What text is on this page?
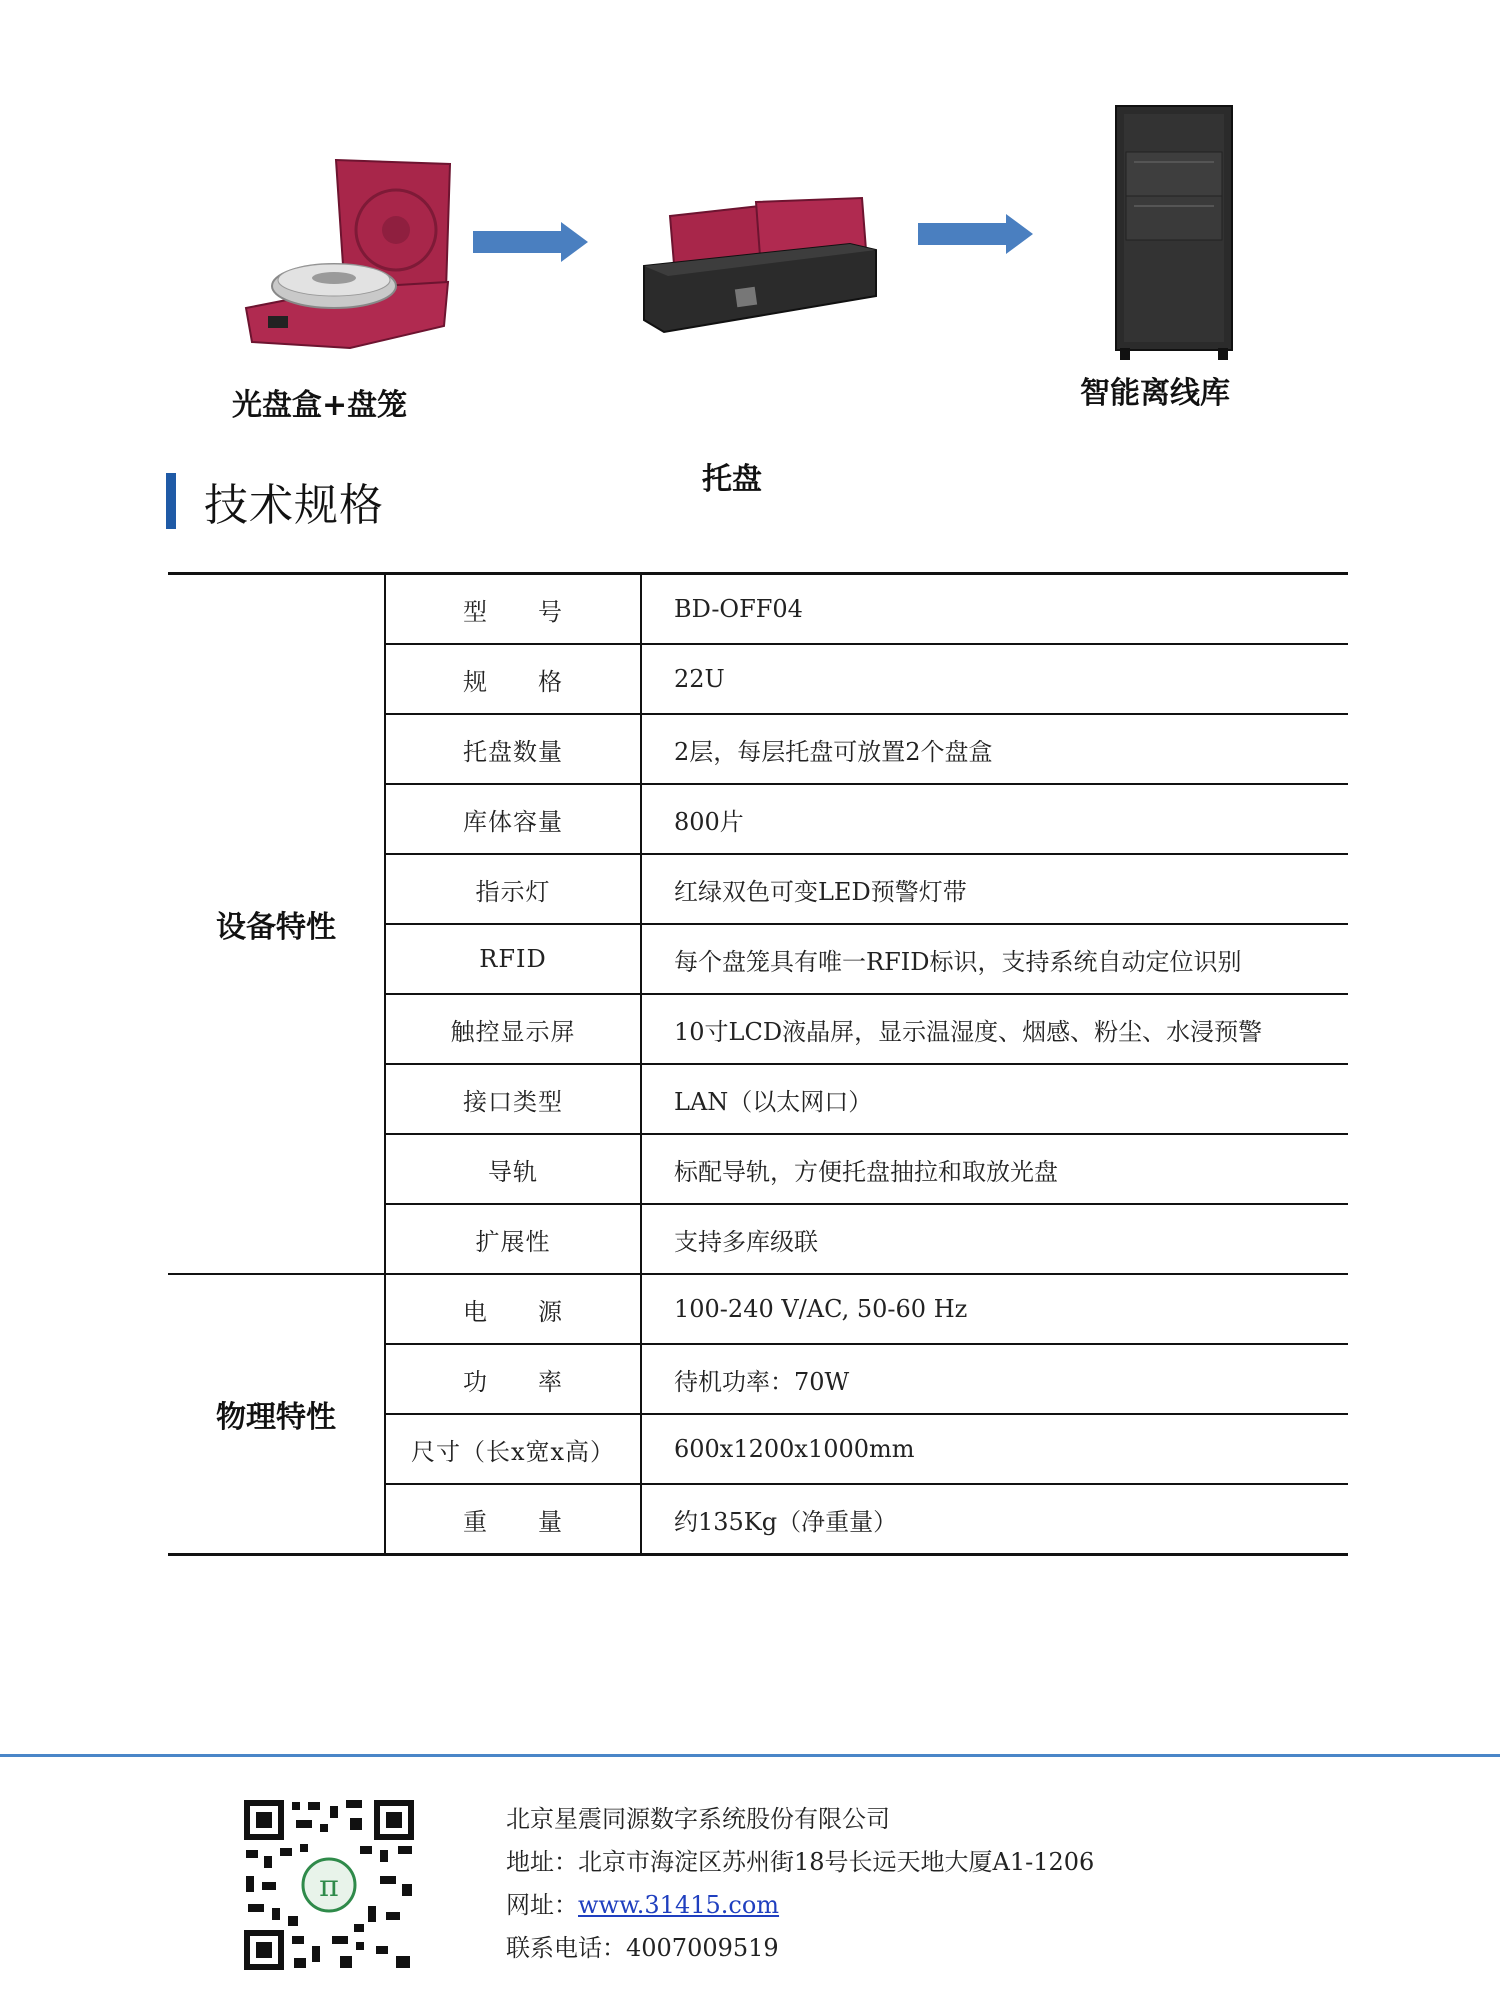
光盘盒+盘笼
托盘
智能离线库
技术规格
设备特性	型　　号	BD-OFF04
	规　　格	22U
	托盘数量	2层，每层托盘可放置2个盘盒
	库体容量	800片
	指示灯	红绿双色可变LED预警灯带
	RFID	每个盘笼具有唯一RFID标识，支持系统自动定位识别
	触控显示屏	10寸LCD液晶屏，显示温湿度、烟感、粉尘、水浸预警
	接口类型	LAN（以太网口）
	导轨	标配导轨，方便托盘抽拉和取放光盘
	扩展性	支持多库级联
物理特性	电　　源	100-240 V/AC, 50-60 Hz
	功　　率	待机功率：70W
	尺寸（长x宽x高）	600x1200x1000mm
	重　　量	约135Kg（净重量）
π
北京星震同源数字系统股份有限公司
地址：北京市海淀区苏州街18号长远天地大厦A1-1206
网址：www.31415.com
联系电话：4007009519
